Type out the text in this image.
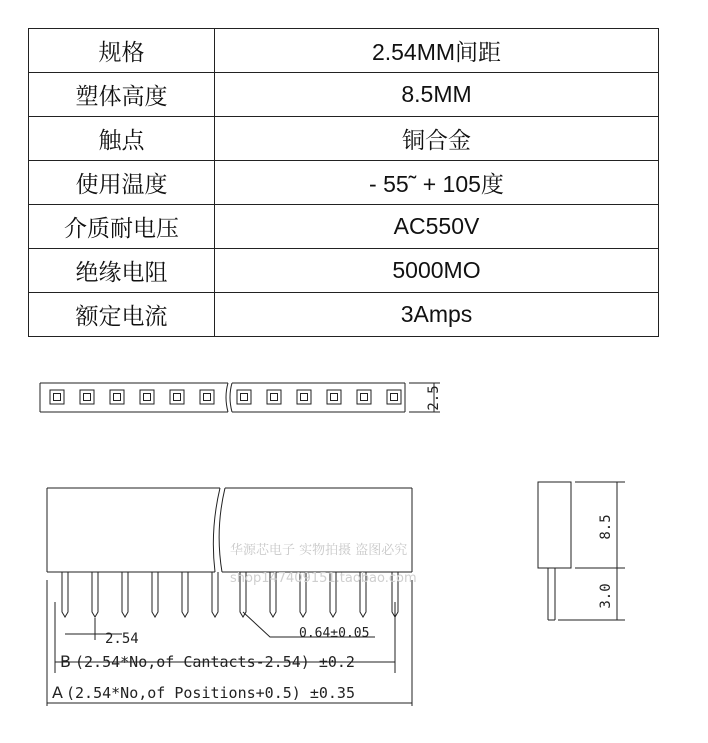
规格	2.54MM间距
塑体高度	8.5MM
触点	铜合金
使用温度	- 55˜ + 105度
介质耐电压	AC550V
绝缘电阻	5000MO
额定电流	3Amps
2.5
2.54	0.64±0.05
B (2.54*No,of Cantacts-2.54) ±0.2
A (2.54*No,of Positions+0.5) ±0.35
华源芯电子 实物拍摄 盗图必究
shop147409151.taobao.com
8.5
3.0
